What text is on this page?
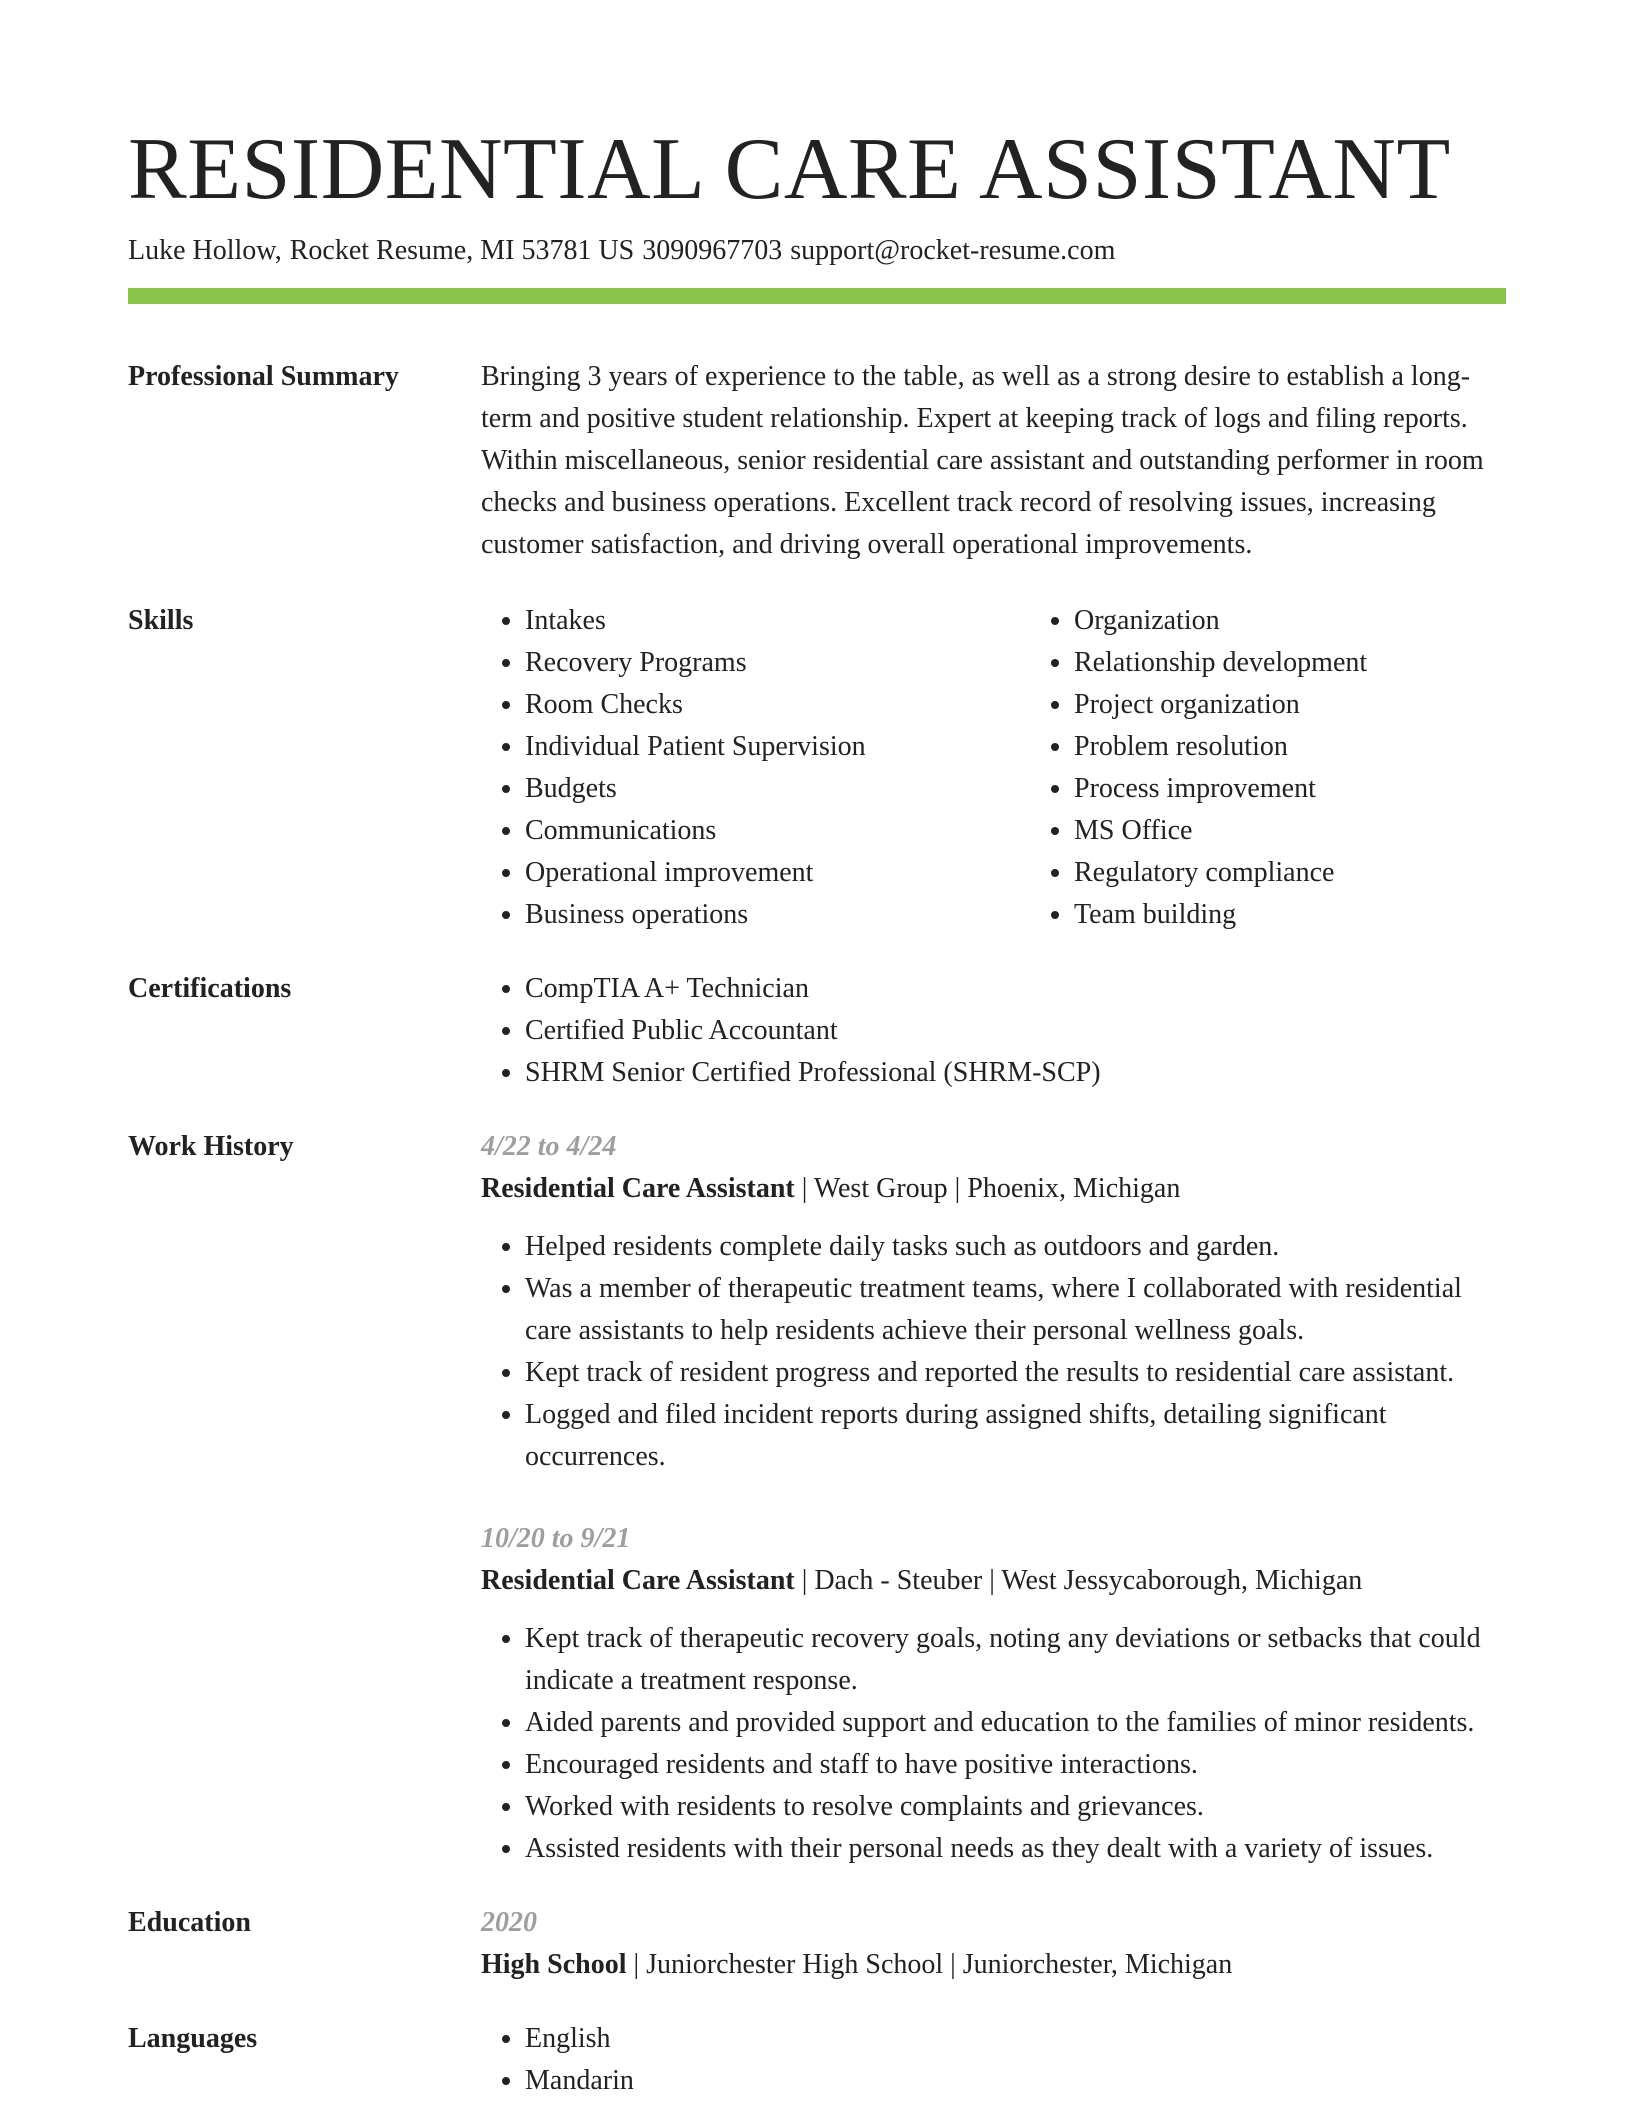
RESIDENTIAL CARE ASSISTANT
Luke Hollow, Rocket Resume, MI 53781 US 3090967703 support@rocket-resume.com
Professional Summary	Bringing 3 years of experience to the table, as well as a strong desire to establish a long-term and positive student relationship. Expert at keeping track of logs and filing reports. Within miscellaneous, senior residential care assistant and outstanding performer in room checks and business operations. Excellent track record of resolving issues, increasing customer satisfaction, and driving overall operational improvements.

Skills	• Intakes
• Recovery Programs
• Room Checks
• Individual Patient Supervision
• Budgets
• Communications
• Operational improvement
• Business operations
• Organization
• Relationship development
• Project organization
• Problem resolution
• Process improvement
• MS Office
• Regulatory compliance
• Team building
Certifications	• CompTIA A+ Technician
• Certified Public Accountant
• SHRM Senior Certified Professional (SHRM-SCP)
Work History	4/22 to 4/24
Residential Care Assistant | West Group | Phoenix, Michigan
• Helped residents complete daily tasks such as outdoors and garden.
• Was a member of therapeutic treatment teams, where I collaborated with residential care assistants to help residents achieve their personal wellness goals.
• Kept track of resident progress and reported the results to residential care assistant.
• Logged and filed incident reports during assigned shifts, detailing significant occurrences.
10/20 to 9/21
Residential Care Assistant | Dach - Steuber | West Jessycaborough, Michigan
• Kept track of therapeutic recovery goals, noting any deviations or setbacks that could indicate a treatment response.
• Aided parents and provided support and education to the families of minor residents.
• Encouraged residents and staff to have positive interactions.
• Worked with residents to resolve complaints and grievances.
• Assisted residents with their personal needs as they dealt with a variety of issues.
Education	2020
High School | Juniorchester High School | Juniorchester, Michigan
Languages	• English
• Mandarin
